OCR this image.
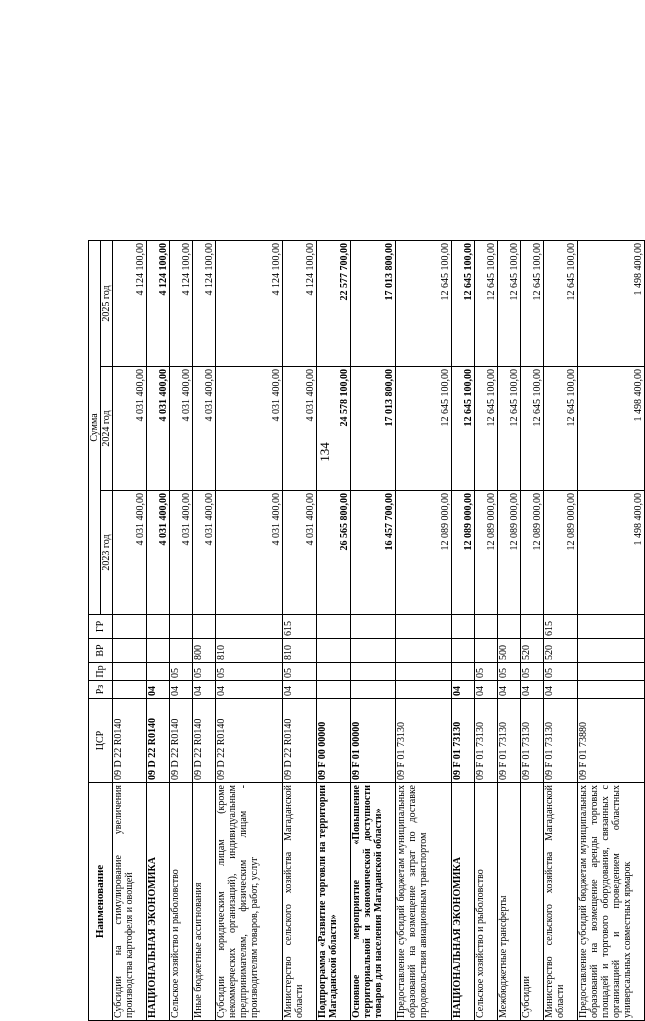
134
Наименование	ЦСР	Рз	Пр	ВР	ГР	Сумма		
						2023 год	2024 год	2025 год
Субсидии на стимулирование увеличения производства картофеля и овощей	09 D 22 R0140					4 031 400,00	4 031 400,00	4 124 100,00
НАЦИОНАЛЬНАЯ ЭКОНОМИКА	09 D 22 R0140	04				4 031 400,00	4 031 400,00	4 124 100,00
Сельское хозяйство и рыболовство	09 D 22 R0140	04	05			4 031 400,00	4 031 400,00	4 124 100,00
Иные бюджетные ассигнования	09 D 22 R0140	04	05	800		4 031 400,00	4 031 400,00	4 124 100,00
Субсидии юридическим лицам (кроме некоммерческих организаций), индивидуальным предпринимателям, физическим лицам - производителям товаров, работ, услуг	09 D 22 R0140	04	05	810		4 031 400,00	4 031 400,00	4 124 100,00
Министерство сельского хозяйства Магаданской области	09 D 22 R0140	04	05	810	615	4 031 400,00	4 031 400,00	4 124 100,00
Подпрограмма «Развитие торговли на территории Магаданской области»	09 F 00 00000					26 565 800,00	24 578 100,00	22 577 700,00
Основное мероприятие «Повышение территориальной и экономической доступности товаров для населения Магаданской области»	09 F 01 00000					16 457 700,00	17 013 800,00	17 013 800,00
Предоставление субсидий бюджетам муниципальных образований на возмещение затрат по доставке продовольствия авиационным транспортом	09 F 01 73130					12 089 000,00	12 645 100,00	12 645 100,00
НАЦИОНАЛЬНАЯ ЭКОНОМИКА	09 F 01 73130	04				12 089 000,00	12 645 100,00	12 645 100,00
Сельское хозяйство и рыболовство	09 F 01 73130	04	05			12 089 000,00	12 645 100,00	12 645 100,00
Межбюджетные трансферты	09 F 01 73130	04	05	500		12 089 000,00	12 645 100,00	12 645 100,00
Субсидии	09 F 01 73130	04	05	520		12 089 000,00	12 645 100,00	12 645 100,00
Министерство сельского хозяйства Магаданской области	09 F 01 73130	04	05	520	615	12 089 000,00	12 645 100,00	12 645 100,00
Предоставление субсидий бюджетам муниципальных образований на возмещение аренды торговых площадей и торгового оборудования, связанных с организацией и проведением областных универсальных совместных ярмарок	09 F 01 73880					1 498 400,00	1 498 400,00	1 498 400,00
